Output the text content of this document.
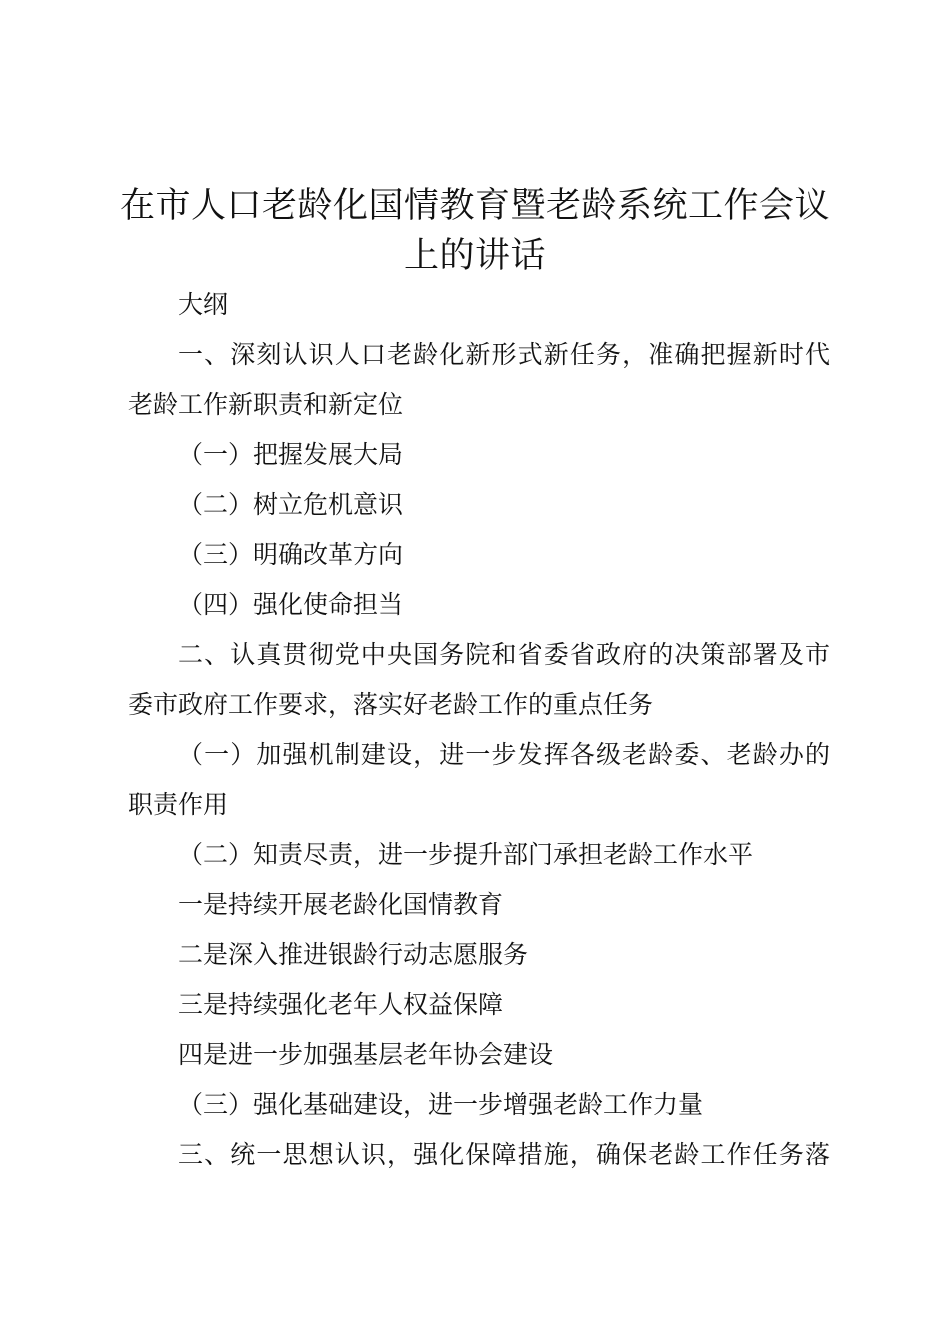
在市人口老龄化国情教育暨老龄系统工作会议
上的讲话

大纲

一、深刻认识人口老龄化新形式新任务，准确把握新时代

老龄工作新职责和新定位

（一）把握发展大局

（二）树立危机意识

（三）明确改革方向

（四）强化使命担当

二、认真贯彻党中央国务院和省委省政府的决策部署及市

委市政府工作要求，落实好老龄工作的重点任务

（一）加强机制建设，进一步发挥各级老龄委、老龄办的

职责作用

（二）知责尽责，进一步提升部门承担老龄工作水平

一是持续开展老龄化国情教育

二是深入推进银龄行动志愿服务

三是持续强化老年人权益保障

四是进一步加强基层老年协会建设

（三）强化基础建设，进一步增强老龄工作力量

三、统一思想认识，强化保障措施，确保老龄工作任务落
